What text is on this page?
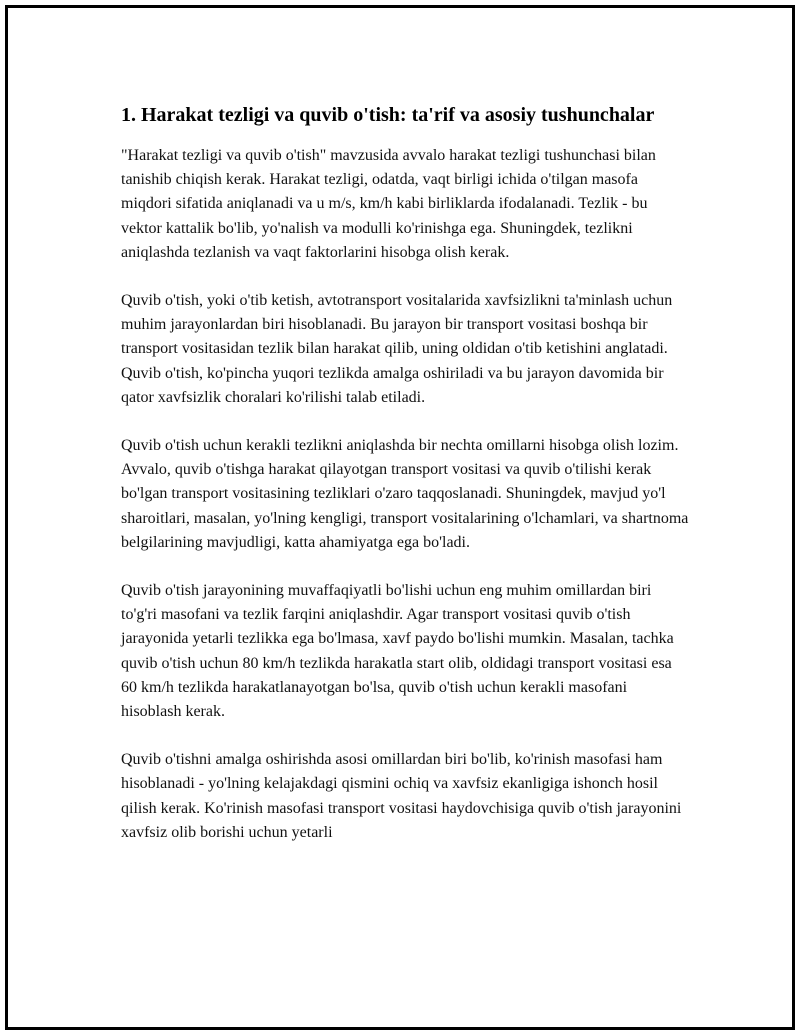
1. Harakat tezligi va quvib o'tish: ta'rif va asosiy tushunchalar

"Harakat tezligi va quvib o'tish" mavzusida avvalo harakat tezligi tushunchasi bilan tanishib chiqish kerak. Harakat tezligi, odatda, vaqt birligi ichida o'tilgan masofa miqdori sifatida aniqlanadi va u m/s, km/h kabi birliklarda ifodalanadi. Tezlik - bu vektor kattalik bo'lib, yo'nalish va modulli ko'rinishga ega. Shuningdek, tezlikni aniqlashda tezlanish va vaqt faktorlarini hisobga olish kerak.

Quvib o'tish, yoki o'tib ketish, avtotransport vositalarida xavfsizlikni ta'minlash uchun muhim jarayonlardan biri hisoblanadi. Bu jarayon bir transport vositasi boshqa bir transport vositasidan tezlik bilan harakat qilib, uning oldidan o'tib ketishini anglatadi. Quvib o'tish, ko'pincha yuqori tezlikda amalga oshiriladi va bu jarayon davomida bir qator xavfsizlik choralari ko'rilishi talab etiladi.

Quvib o'tish uchun kerakli tezlikni aniqlashda bir nechta omillarni hisobga olish lozim. Avvalo, quvib o'tishga harakat qilayotgan transport vositasi va quvib o'tilishi kerak bo'lgan transport vositasining tezliklari o'zaro taqqoslanadi. Shuningdek, mavjud yo'l sharoitlari, masalan, yo'lning kengligi, transport vositalarining o'lchamlari, va shartnoma belgilarining mavjudligi, katta ahamiyatga ega bo'ladi.

Quvib o'tish jarayonining muvaffaqiyatli bo'lishi uchun eng muhim omillardan biri to'g'ri masofani va tezlik farqini aniqlashdir. Agar transport vositasi quvib o'tish jarayonida yetarli tezlikka ega bo'lmasa, xavf paydo bo'lishi mumkin. Masalan, tachka quvib o'tish uchun 80 km/h tezlikda harakatla start olib, oldidagi transport vositasi esa 60 km/h tezlikda harakatlanayotgan bo'lsa, quvib o'tish uchun kerakli masofani hisoblash kerak.

Quvib o'tishni amalga oshirishda asosi omillardan biri bo'lib, ko'rinish masofasi ham hisoblanadi - yo'lning kelajakdagi qismini ochiq va xavfsiz ekanligiga ishonch hosil qilish kerak. Ko'rinish masofasi transport vositasi haydovchisiga quvib o'tish jarayonini xavfsiz olib borishi uchun yetarli
